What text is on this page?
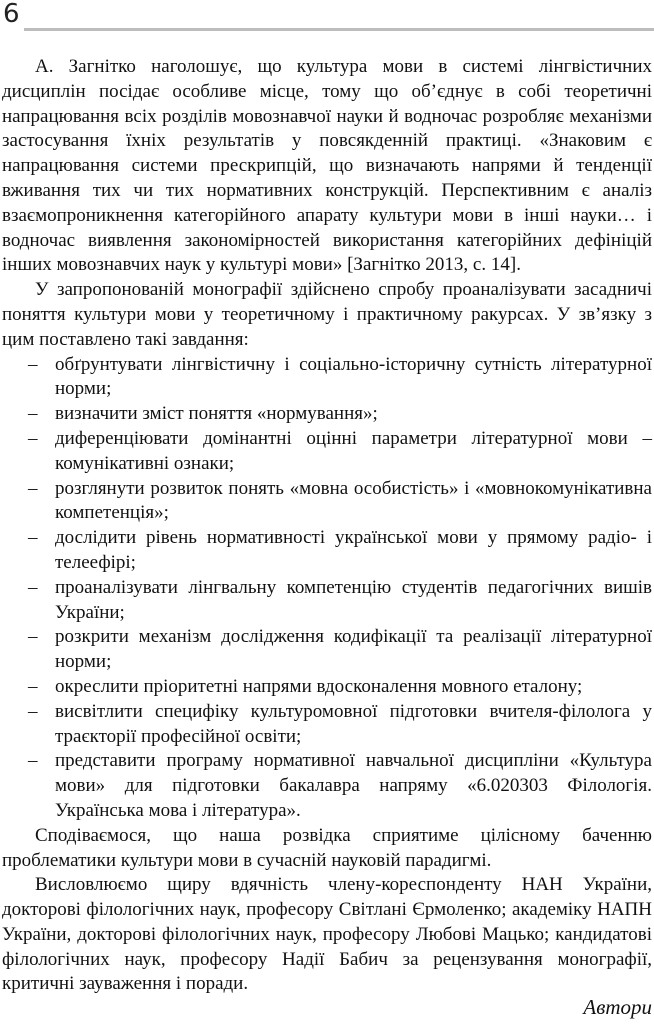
6

А. Загнітко наголошує, що культура мови в системі лінгвістичних дисциплін посідає особливе місце, тому що об’єднує в собі теоретичні напрацювання всіх розділів мовознавчої науки й водночас розробляє механізми застосування їхніх результатів у повсякденній практиці. «Знаковим є напрацювання системи прескрипцій, що визначають напрями й тенденції вживання тих чи тих нормативних конструкцій. Перспективним є аналіз взаємопроникнення категорійного апарату культури мови в інші науки… і водночас виявлення закономірностей використання категорійних дефініцій інших мовознавчих наук у культурі мови» [Загнітко 2013, с. 14].

У запропонованій монографії здійснено спробу проаналізувати засадничі поняття культури мови у теоретичному і практичному ракурсах. У зв’язку з цим поставлено такі завдання:

– обґрунтувати лінгвістичну і соціально-історичну сутність літературної норми;
– визначити зміст поняття «нормування»;
– диференціювати домінантні оцінні параметри літературної мови – комунікативні ознаки;
– розглянути розвиток понять «мовна особистість» і «мовнокомунікативна компетенція»;
– дослідити рівень нормативності української мови у прямому радіо- і телеефірі;
– проаналізувати лінгвальну компетенцію студентів педагогічних вишів України;
– розкрити механізм дослідження кодифікації та реалізації літературної норми;
– окреслити пріоритетні напрями вдосконалення мовного еталону;
– висвітлити специфіку культуромовної підготовки вчителя-філолога у траєкторії професійної освіти;
– представити програму нормативної навчальної дисципліни «Культура мови» для підготовки бакалавра напряму «6.020303 Філологія. Українська мова і література».

Сподіваємося, що наша розвідка сприятиме цілісному баченню проблематики культури мови в сучасній науковій парадигмі.

Висловлюємо щиру вдячність члену-кореспонденту НАН України, докторові філологічних наук, професору Світлані Єрмоленко; академіку НАПН України, докторові філологічних наук, професору Любові Мацько; кандидатові філологічних наук, професору Надії Бабич за рецензування монографії, критичні зауваження і поради.

Автори
